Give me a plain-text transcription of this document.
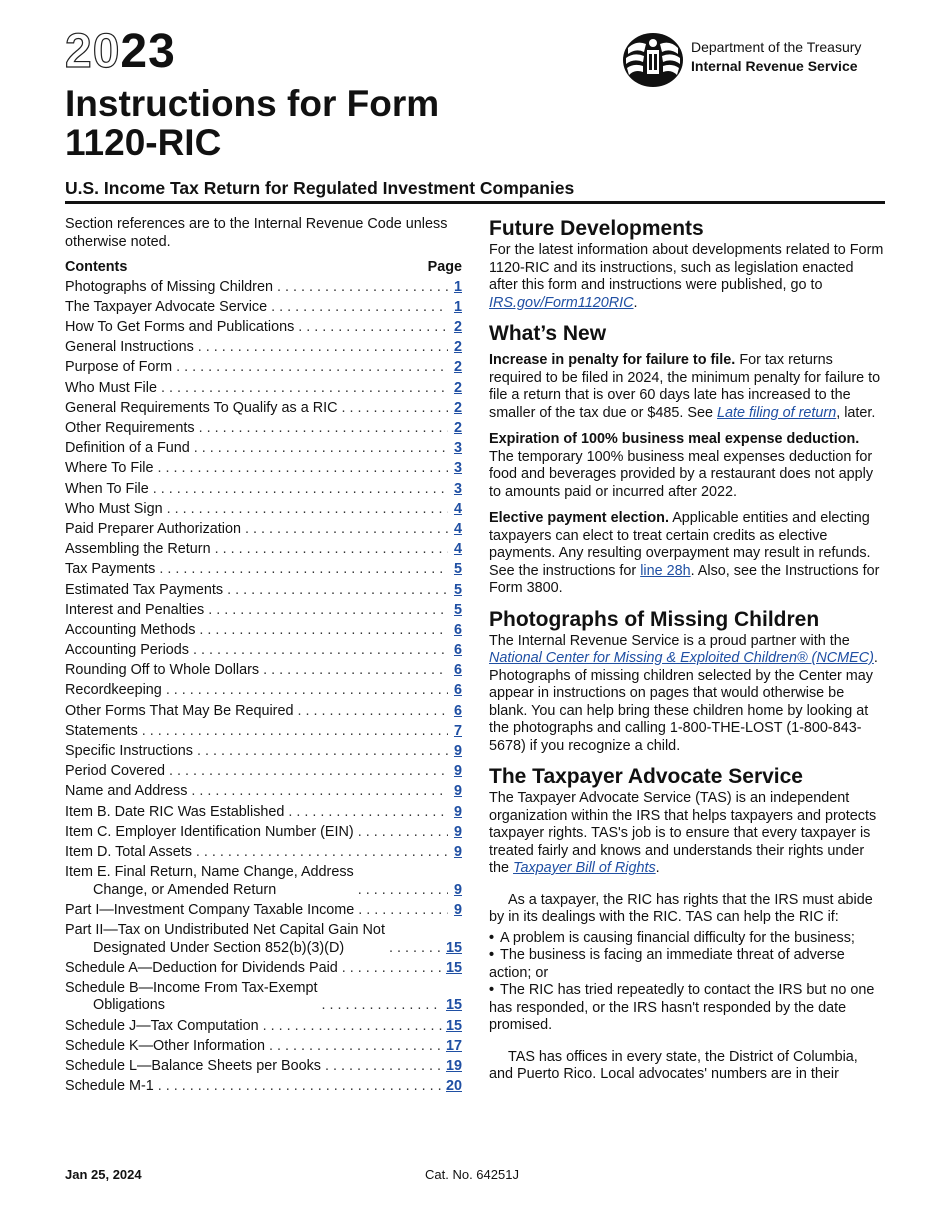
2023
Instructions for Form
1120-RIC
Department of the Treasury
Internal Revenue Service
U.S. Income Tax Return for Regulated Investment Companies
Section references are to the Internal Revenue Code unless otherwise noted.
Contents	Page
Photographs of Missing Children . . .	1
The Taxpayer Advocate Service . . .	1
How To Get Forms and Publications . . .	2
General Instructions . . .	2
Purpose of Form . . .	2
Who Must File . . .	2
General Requirements To Qualify as a RIC . . .	2
Other Requirements . . .	2
Definition of a Fund . . .	3
Where To File . . .	3
When To File . . .	3
Who Must Sign . . .	4
Paid Preparer Authorization . . .	4
Assembling the Return . . .	4
Tax Payments . . .	5
Estimated Tax Payments . . .	5
Interest and Penalties . . .	5
Accounting Methods . . .	6
Accounting Periods . . .	6
Rounding Off to Whole Dollars . . .	6
Recordkeeping . . .	6
Other Forms That May Be Required . . .	6
Statements . . .	7
Specific Instructions . . .	9
Period Covered . . .	9
Name and Address . . .	9
Item B. Date RIC Was Established . . .	9
Item C. Employer Identification Number (EIN) . . .	9
Item D. Total Assets . . .	9
Item E. Final Return, Name Change, Address
Change, or Amended Return . . .	9
Part I—Investment Company Taxable Income . . .	9
Part II—Tax on Undistributed Net Capital Gain Not
Designated Under Section 852(b)(3)(D) . . .	15
Schedule A—Deduction for Dividends Paid . . .	15
Schedule B—Income From Tax-Exempt
Obligations . . .	15
Schedule J—Tax Computation . . .	15
Schedule K—Other Information . . .	17
Schedule L—Balance Sheets per Books . . .	19
Schedule M-1 . . .	20
Future Developments

For the latest information about developments related to Form 1120-RIC and its instructions, such as legislation enacted after this form and instructions were published, go to IRS.gov/Form1120RIC.

What’s New

Increase in penalty for failure to file. For tax returns required to be filed in 2024, the minimum penalty for failure to file a return that is over 60 days late has increased to the smaller of the tax due or $485. See Late filing of return, later.

Expiration of 100% business meal expense deduction. The temporary 100% business meal expenses deduction for food and beverages provided by a restaurant does not apply to amounts paid or incurred after 2022.

Elective payment election. Applicable entities and electing taxpayers can elect to treat certain credits as elective payments. Any resulting overpayment may result in refunds. See the instructions for line 28h. Also, see the Instructions for Form 3800.

Photographs of Missing Children

The Internal Revenue Service is a proud partner with the National Center for Missing & Exploited Children® (NCMEC). Photographs of missing children selected by the Center may appear in instructions on pages that would otherwise be blank. You can help bring these children home by looking at the photographs and calling 1-800-THE-LOST (1-800-843-5678) if you recognize a child.

The Taxpayer Advocate Service

The Taxpayer Advocate Service (TAS) is an independent organization within the IRS that helps taxpayers and protects taxpayer rights. TAS's job is to ensure that every taxpayer is treated fairly and knows and understands their rights under the Taxpayer Bill of Rights.

As a taxpayer, the RIC has rights that the IRS must abide by in its dealings with the RIC. TAS can help the RIC if:

• A problem is causing financial difficulty for the business;
• The business is facing an immediate threat of adverse action; or
• The RIC has tried repeatedly to contact the IRS but no one has responded, or the IRS hasn't responded by the date promised.

TAS has offices in every state, the District of Columbia, and Puerto Rico. Local advocates' numbers are in their

Jan 25, 2024	Cat. No. 64251J
